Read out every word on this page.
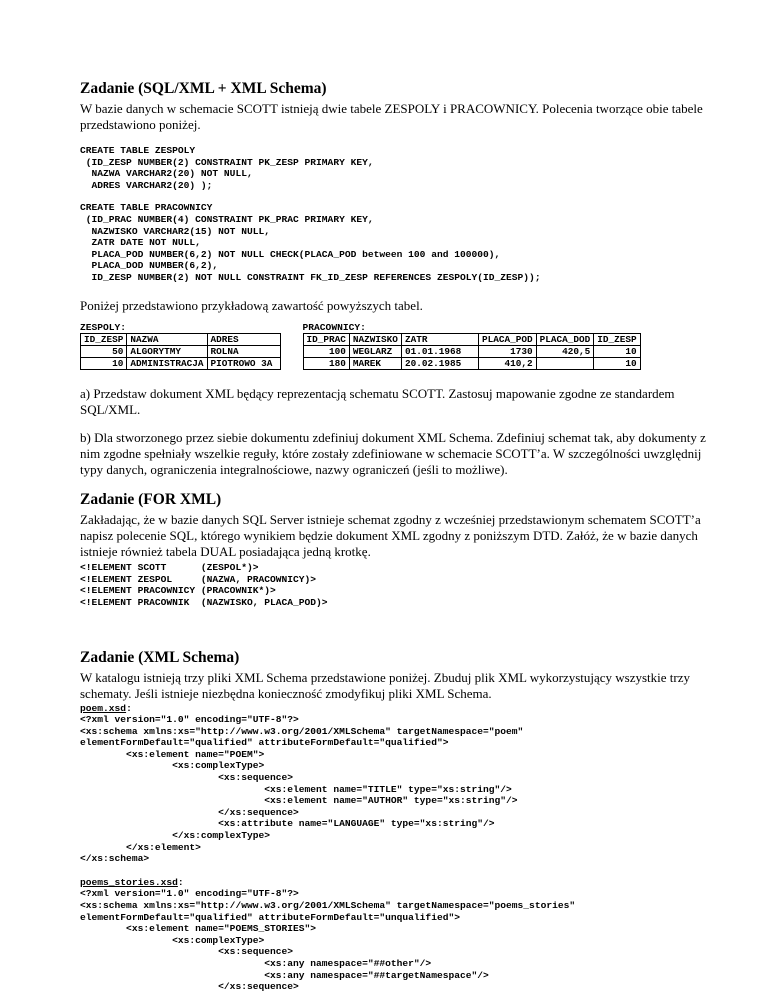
Zadanie (SQL/XML + XML Schema)

W bazie danych w schemacie SCOTT istnieją dwie tabele ZESPOLY i PRACOWNICY. Polecenia tworzące obie tabele przedstawiono poniżej.

CREATE TABLE ZESPOLY
(ID_ZESP NUMBER(2) CONSTRAINT PK_ZESP PRIMARY KEY,
NAZWA VARCHAR2(20) NOT NULL,
ADRES VARCHAR2(20) );
CREATE TABLE PRACOWNICY
(ID_PRAC NUMBER(4) CONSTRAINT PK_PRAC PRIMARY KEY,
NAZWISKO VARCHAR2(15) NOT NULL,
ZATR DATE NOT NULL,
PLACA_POD NUMBER(6,2) NOT NULL CHECK(PLACA_POD between 100 and 100000),
PLACA_DOD NUMBER(6,2),
ID_ZESP NUMBER(2) NOT NULL CONSTRAINT FK_ID_ZESP REFERENCES ZESPOLY(ID_ZESP));

Poniżej przedstawiono przykładową zawartość powyższych tabel.

ZESPOLY:
ID_ZESP	NAZWA	ADRES
50	ALGORYTMY	ROLNA
10	ADMINISTRACJA	PIOTROWO 3A
PRACOWNICY:
ID_PRAC	NAZWISKO	ZATR	PLACA_POD	PLACA_DOD	ID_ZESP
100	WEGLARZ	01.01.1968	1730	420,5	10
180	MAREK	20.02.1985	410,2		10

a) Przedstaw dokument XML będący reprezentacją schematu SCOTT. Zastosuj mapowanie zgodne ze standardem SQL/XML.

b) Dla stworzonego przez siebie dokumentu zdefiniuj dokument XML Schema. Zdefiniuj schemat tak, aby dokumenty z nim zgodne spełniały wszelkie reguły, które zostały zdefiniowane w schemacie SCOTT’a. W szczególności uwzględnij typy danych, ograniczenia integralnościowe, nazwy ograniczeń (jeśli to możliwe).

Zadanie (FOR XML)

Zakładając, że w bazie danych SQL Server istnieje schemat zgodny z wcześniej przedstawionym schematem SCOTT’a napisz polecenie SQL, którego wynikiem będzie dokument XML zgodny z poniższym DTD. Załóż, że w bazie danych istnieje również tabela DUAL posiadająca jedną krotkę.

<!ELEMENT SCOTT      (ZESPOL*)>
<!ELEMENT ZESPOL     (NAZWA, PRACOWNICY)>
<!ELEMENT PRACOWNICY (PRACOWNIK*)>
<!ELEMENT PRACOWNIK  (NAZWISKO, PLACA_POD)>
Zadanie (XML Schema)

W katalogu istnieją trzy pliki XML Schema przedstawione poniżej. Zbuduj plik XML wykorzystujący wszystkie trzy schematy. Jeśli istnieje niezbędna konieczność zmodyfikuj pliki XML Schema.

poem.xsd:
<?xml version="1.0" encoding="UTF-8"?>
<xs:schema xmlns:xs="http://www.w3.org/2001/XMLSchema" targetNamespace="poem"
elementFormDefault="qualified" attributeFormDefault="qualified">
<xs:element name="POEM">
<xs:complexType>
<xs:sequence>
<xs:element name="TITLE" type="xs:string"/>
<xs:element name="AUTHOR" type="xs:string"/>
</xs:sequence>
<xs:attribute name="LANGUAGE" type="xs:string"/>
</xs:complexType>
</xs:element>
</xs:schema>
poems_stories.xsd:
<?xml version="1.0" encoding="UTF-8"?>
<xs:schema xmlns:xs="http://www.w3.org/2001/XMLSchema" targetNamespace="poems_stories"
elementFormDefault="qualified" attributeFormDefault="unqualified">
<xs:element name="POEMS_STORIES">
<xs:complexType>
<xs:sequence>
<xs:any namespace="##other"/>
<xs:any namespace="##targetNamespace"/>
</xs:sequence>
